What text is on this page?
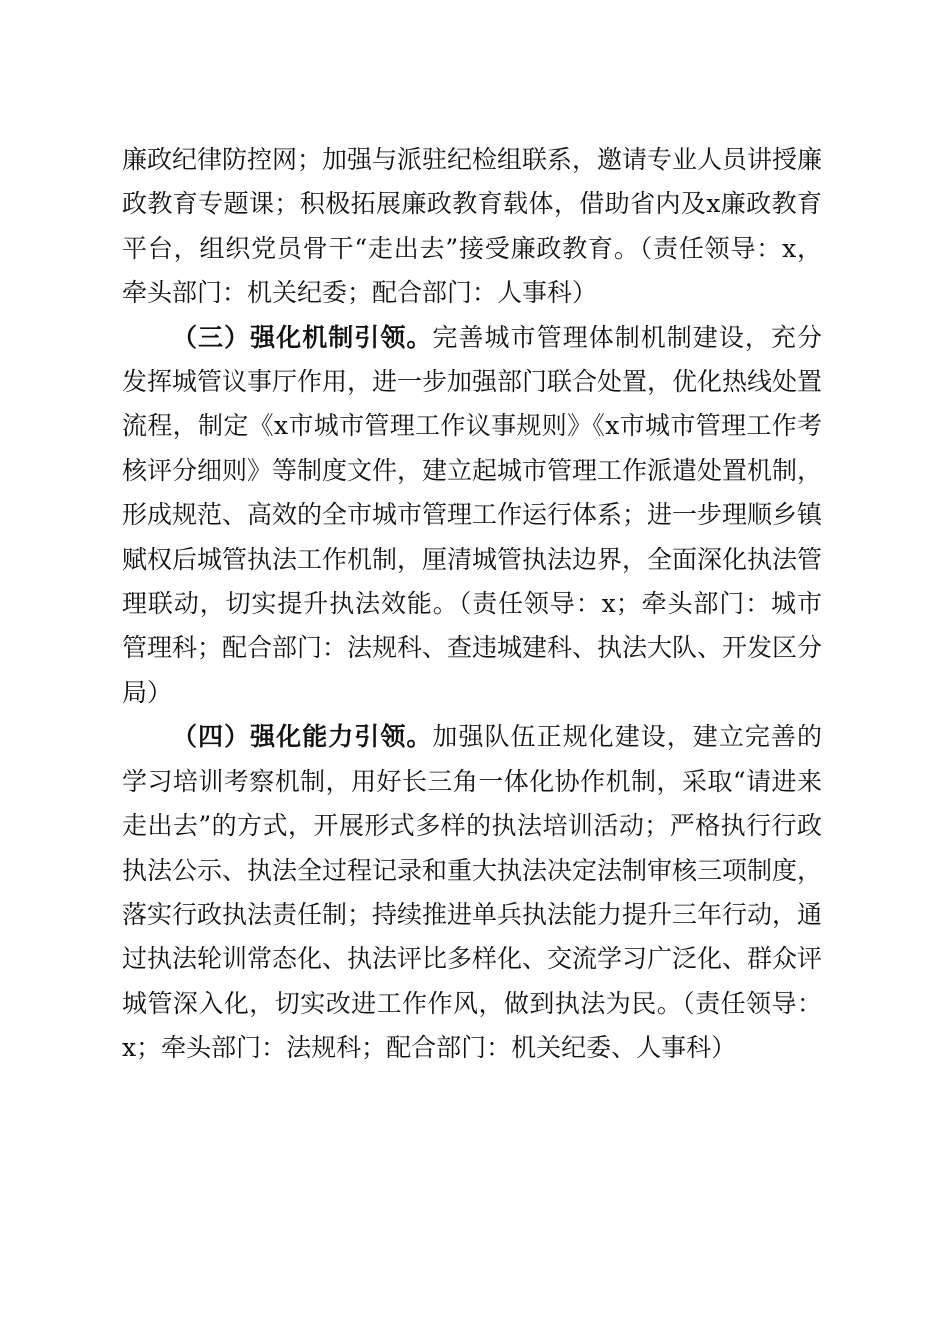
廉政纪律防控网；加强与派驻纪检组联系，邀请专业人员讲授廉政教育专题课；积极拓展廉政教育载体，借助省内及x廉政教育平台，组织党员骨干“走出去”接受廉政教育。（责任领导：x，牵头部门：机关纪委；配合部门：人事科）

（三）强化机制引领。完善城市管理体制机制建设，充分发挥城管议事厅作用，进一步加强部门联合处置，优化热线处置流程，制定《x市城市管理工作议事规则》《x市城市管理工作考核评分细则》等制度文件，建立起城市管理工作派遣处置机制，形成规范、高效的全市城市管理工作运行体系；进一步理顺乡镇赋权后城管执法工作机制，厘清城管执法边界，全面深化执法管理联动，切实提升执法效能。（责任领导：x；牵头部门：城市管理科；配合部门：法规科、查违城建科、执法大队、开发区分局）

（四）强化能力引领。加强队伍正规化建设，建立完善的学习培训考察机制，用好长三角一体化协作机制，采取“请进来走出去”的方式，开展形式多样的执法培训活动；严格执行行政执法公示、执法全过程记录和重大执法决定法制审核三项制度，落实行政执法责任制；持续推进单兵执法能力提升三年行动，通过执法轮训常态化、执法评比多样化、交流学习广泛化、群众评城管深入化，切实改进工作作风，做到执法为民。（责任领导：x；牵头部门：法规科；配合部门：机关纪委、人事科）
